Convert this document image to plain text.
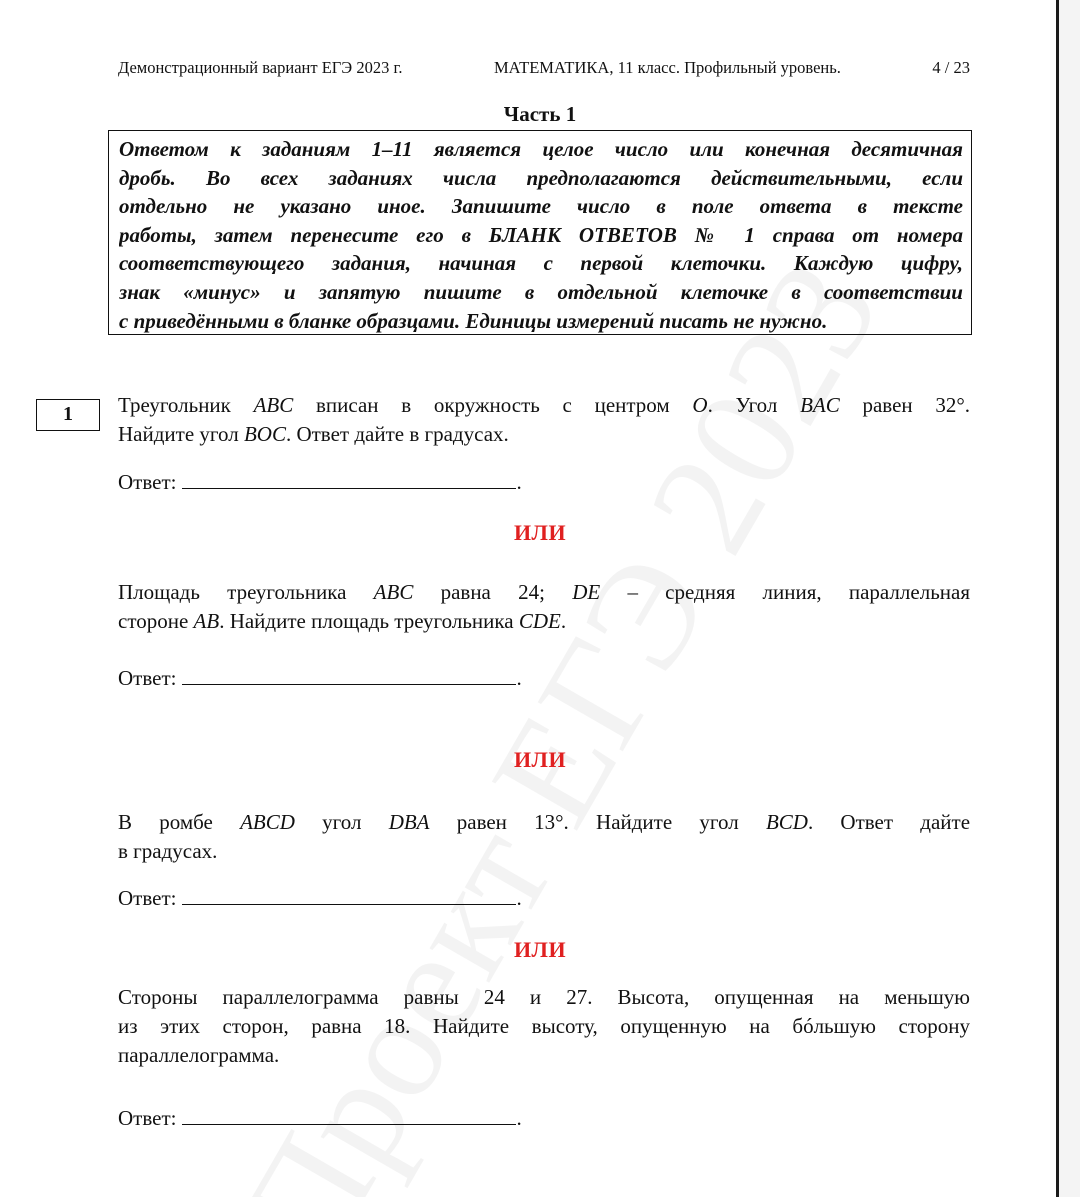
Демонстрационный вариант ЕГЭ 2023 г.	МАТЕМАТИКА, 11 класс. Профильный уровень.	4 / 23
Часть 1
Ответом к заданиям 1–11 является целое число или конечная десятичная
дробь. Во всех заданиях числа предполагаются действительными, если
отдельно не указано иное. Запишите число в поле ответа в тексте
работы, затем перенесите его в БЛАНК ОТВЕТОВ № 1 справа от номера
соответствующего задания, начиная с первой клеточки. Каждую цифру,
знак «минус» и запятую пишите в отдельной клеточке в соответствии
с приведёнными в бланке образцами. Единицы измерений писать не нужно.
1	Треугольник ABC вписан в окружность с центром O. Угол BAC равен 32°.
Найдите угол BOC. Ответ дайте в градусах.
Ответ:	.
ИЛИ
Площадь треугольника ABC равна 24; DE – средняя линия, параллельная
стороне AB. Найдите площадь треугольника CDE.
Ответ:	.
ИЛИ
В ромбе ABCD угол DBA равен 13°. Найдите угол BCD. Ответ дайте
в градусах.
Ответ:	.
ИЛИ
Стороны параллелограмма равны 24 и 27. Высота, опущенная на меньшую
из этих сторон, равна 18. Найдите высоту, опущенную на бóльшую сторону
параллелограмма.
Ответ:	.
